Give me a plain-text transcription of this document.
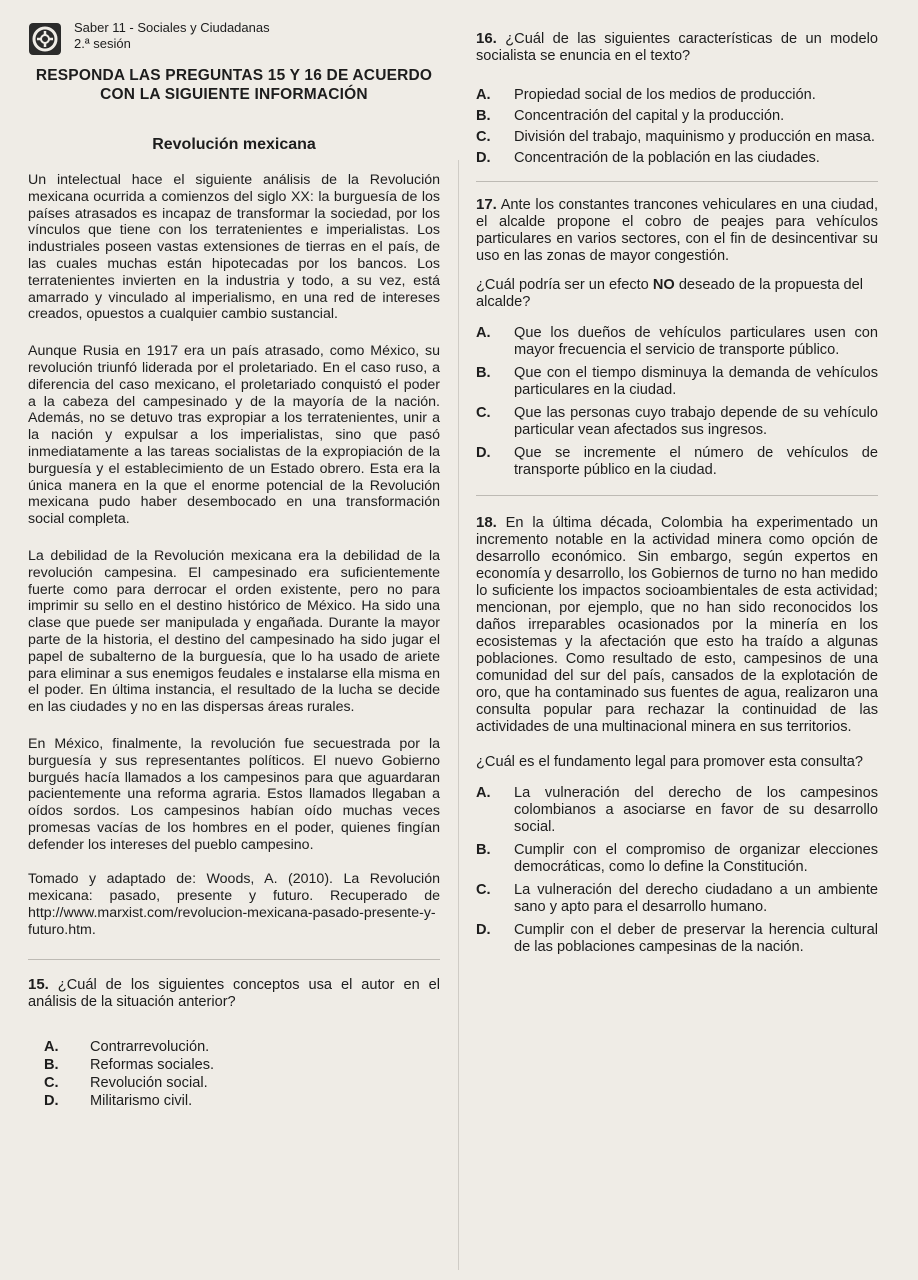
Saber 11 - Sociales y Ciudadanas
2.ª sesión

RESPONDA LAS PREGUNTAS 15 Y 16 DE ACUERDO CON LA SIGUIENTE INFORMACIÓN

Revolución mexicana

Un intelectual hace el siguiente análisis de la Revolución mexicana ocurrida a comienzos del siglo XX: la burguesía de los países atrasados es incapaz de transformar la sociedad, por los vínculos que tiene con los terratenientes e imperialistas. Los industriales poseen vastas extensiones de tierras en el país, de las cuales muchas están hipotecadas por los bancos. Los terratenientes invierten en la industria y todo, a su vez, está amarrado y vinculado al imperialismo, en una red de intereses creados, opuestos a cualquier cambio sustancial.

Aunque Rusia en 1917 era un país atrasado, como México, su revolución triunfó liderada por el proletariado. En el caso ruso, a diferencia del caso mexicano, el proletariado conquistó el poder a la cabeza del campesinado y de la mayoría de la nación. Además, no se detuvo tras expropiar a los terratenientes, unir a la nación y expulsar a los imperialistas, sino que pasó inmediatamente a las tareas socialistas de la expropiación de la burguesía y el establecimiento de un Estado obrero. Esta era la única manera en la que el enorme potencial de la Revolución mexicana pudo haber desembocado en una transformación social completa.

La debilidad de la Revolución mexicana era la debilidad de la revolución campesina. El campesinado era suficientemente fuerte como para derrocar el orden existente, pero no para imprimir su sello en el destino histórico de México. Ha sido una clase que puede ser manipulada y engañada. Durante la mayor parte de la historia, el destino del campesinado ha sido jugar el papel de subalterno de la burguesía, que lo ha usado de ariete para eliminar a sus enemigos feudales e instalarse ella misma en el poder. En última instancia, el resultado de la lucha se decide en las ciudades y no en las dispersas áreas rurales.

En México, finalmente, la revolución fue secuestrada por la burguesía y sus representantes políticos. El nuevo Gobierno burgués hacía llamados a los campesinos para que aguardaran pacientemente una reforma agraria. Estos llamados llegaban a oídos sordos. Los campesinos habían oído muchas veces promesas vacías de los hombres en el poder, quienes fingían defender los intereses del pueblo campesino.

Tomado y adaptado de: Woods, A. (2010). La Revolución mexicana: pasado, presente y futuro. Recuperado de http://www.marxist.com/revolucion-mexicana-pasado-presente-y-futuro.htm.

15. ¿Cuál de los siguientes conceptos usa el autor en el análisis de la situación anterior?
A.	Contrarrevolución.
B.	Reformas sociales.
C.	Revolución social.
D.	Militarismo civil.
16. ¿Cuál de las siguientes características de un modelo socialista se enuncia en el texto?
A.	Propiedad social de los medios de producción.
B.	Concentración del capital y la producción.
C.	División del trabajo, maquinismo y producción en masa.
D.	Concentración de la población en las ciudades.
17. Ante los constantes trancones vehiculares en una ciudad, el alcalde propone el cobro de peajes para vehículos particulares en varios sectores, con el fin de desincentivar su uso en las zonas de mayor congestión.
¿Cuál podría ser un efecto NO deseado de la propuesta del alcalde?
A.	Que los dueños de vehículos particulares usen con mayor frecuencia el servicio de transporte público.
B.	Que con el tiempo disminuya la demanda de vehículos particulares en la ciudad.
C.	Que las personas cuyo trabajo depende de su vehículo particular vean afectados sus ingresos.
D.	Que se incremente el número de vehículos de transporte público en la ciudad.
18. En la última década, Colombia ha experimentado un incremento notable en la actividad minera como opción de desarrollo económico. Sin embargo, según expertos en economía y desarrollo, los Gobiernos de turno no han medido lo suficiente los impactos socioambientales de esta actividad; mencionan, por ejemplo, que no han sido reconocidos los daños irreparables ocasionados por la minería en los ecosistemas y la afectación que esto ha traído a algunas poblaciones. Como resultado de esto, campesinos de una comunidad del sur del país, cansados de la explotación de oro, que ha contaminado sus fuentes de agua, realizaron una consulta popular para rechazar la continuidad de las actividades de una multinacional minera en sus territorios.
¿Cuál es el fundamento legal para promover esta consulta?
A.	La vulneración del derecho de los campesinos colombianos a asociarse en favor de su desarrollo social.
B.	Cumplir con el compromiso de organizar elecciones democráticas, como lo define la Constitución.
C.	La vulneración del derecho ciudadano a un ambiente sano y apto para el desarrollo humano.
D.	Cumplir con el deber de preservar la herencia cultural de las poblaciones campesinas de la nación.
